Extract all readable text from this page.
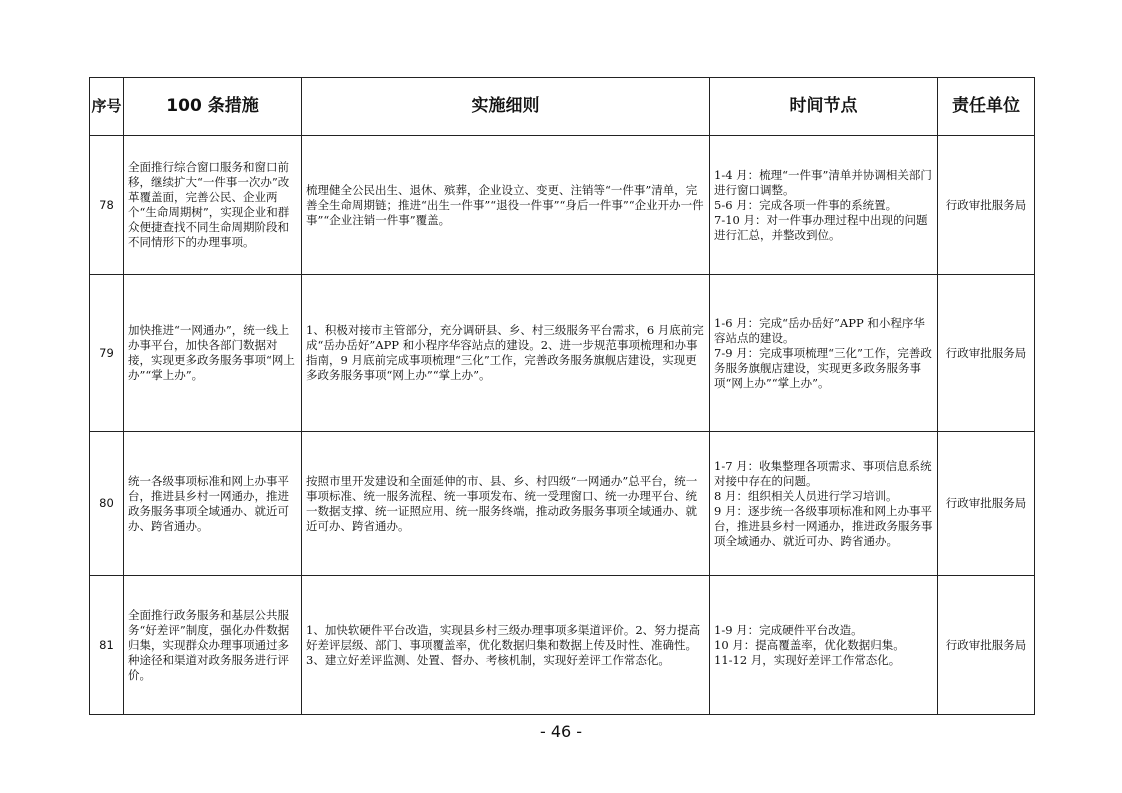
序号	100 条措施	实施细则	时间节点	责任单位
78	全面推行综合窗口服务和窗口前移，继续扩大“一件事一次办”改革覆盖面，完善公民、企业两个“生命周期树”，实现企业和群众便捷查找不同生命周期阶段和不同情形下的办理事项。	梳理健全公民出生、退休、殡葬，企业设立、变更、注销等“一件事”清单，完善全生命周期链；推进“出生一件事”“退役一件事”“身后一件事”“企业开办一件事”“企业注销一件事”覆盖。	1-4 月：梳理“一件事”清单并协调相关部门进行窗口调整。
5-6 月：完成各项一件事的系统置。
7-10 月：对一件事办理过程中出现的问题进行汇总，并整改到位。	行政审批服务局
79	加快推进“一网通办”，统一线上办事平台，加快各部门数据对接，实现更多政务服务事项“网上办”“掌上办”。	1、积极对接市主管部分，充分调研县、乡、村三级服务平台需求，6 月底前完成“岳办岳好”APP 和小程序华容站点的建设。2、进一步规范事项梳理和办事指南，9 月底前完成事项梳理“三化”工作，完善政务服务旗舰店建设，实现更多政务服务事项“网上办”“掌上办”。	1-6 月：完成“岳办岳好”APP 和小程序华容站点的建设。
7-9 月：完成事项梳理“三化”工作，完善政务服务旗舰店建设，实现更多政务服务事项“网上办”“掌上办”。	行政审批服务局
80	统一各级事项标准和网上办事平台，推进县乡村一网通办，推进政务服务事项全域通办、就近可办、跨省通办。	按照市里开发建设和全面延伸的市、县、乡、村四级“一网通办”总平台，统一事项标准、统一服务流程、统一事项发布、统一受理窗口、统一办理平台、统一数据支撑、统一证照应用、统一服务终端，推动政务服务事项全域通办、就近可办、跨省通办。	1-7 月：收集整理各项需求、事项信息系统对接中存在的问题。
8 月：组织相关人员进行学习培训。
9 月：逐步统一各级事项标准和网上办事平台，推进县乡村一网通办，推进政务服务事项全域通办、就近可办、跨省通办。	行政审批服务局
81	全面推行政务服务和基层公共服务“好差评”制度，强化办件数据归集，实现群众办理事项通过多种途径和渠道对政务服务进行评价。	1、加快软硬件平台改造，实现县乡村三级办理事项多渠道评价。2、努力提高好差评层级、部门、事项覆盖率，优化数据归集和数据上传及时性、准确性。3、建立好差评监测、处置、督办、考核机制，实现好差评工作常态化。	1-9 月：完成硬件平台改造。
10 月：提高覆盖率，优化数据归集。
11-12 月，实现好差评工作常态化。	行政审批服务局
- 46 -
